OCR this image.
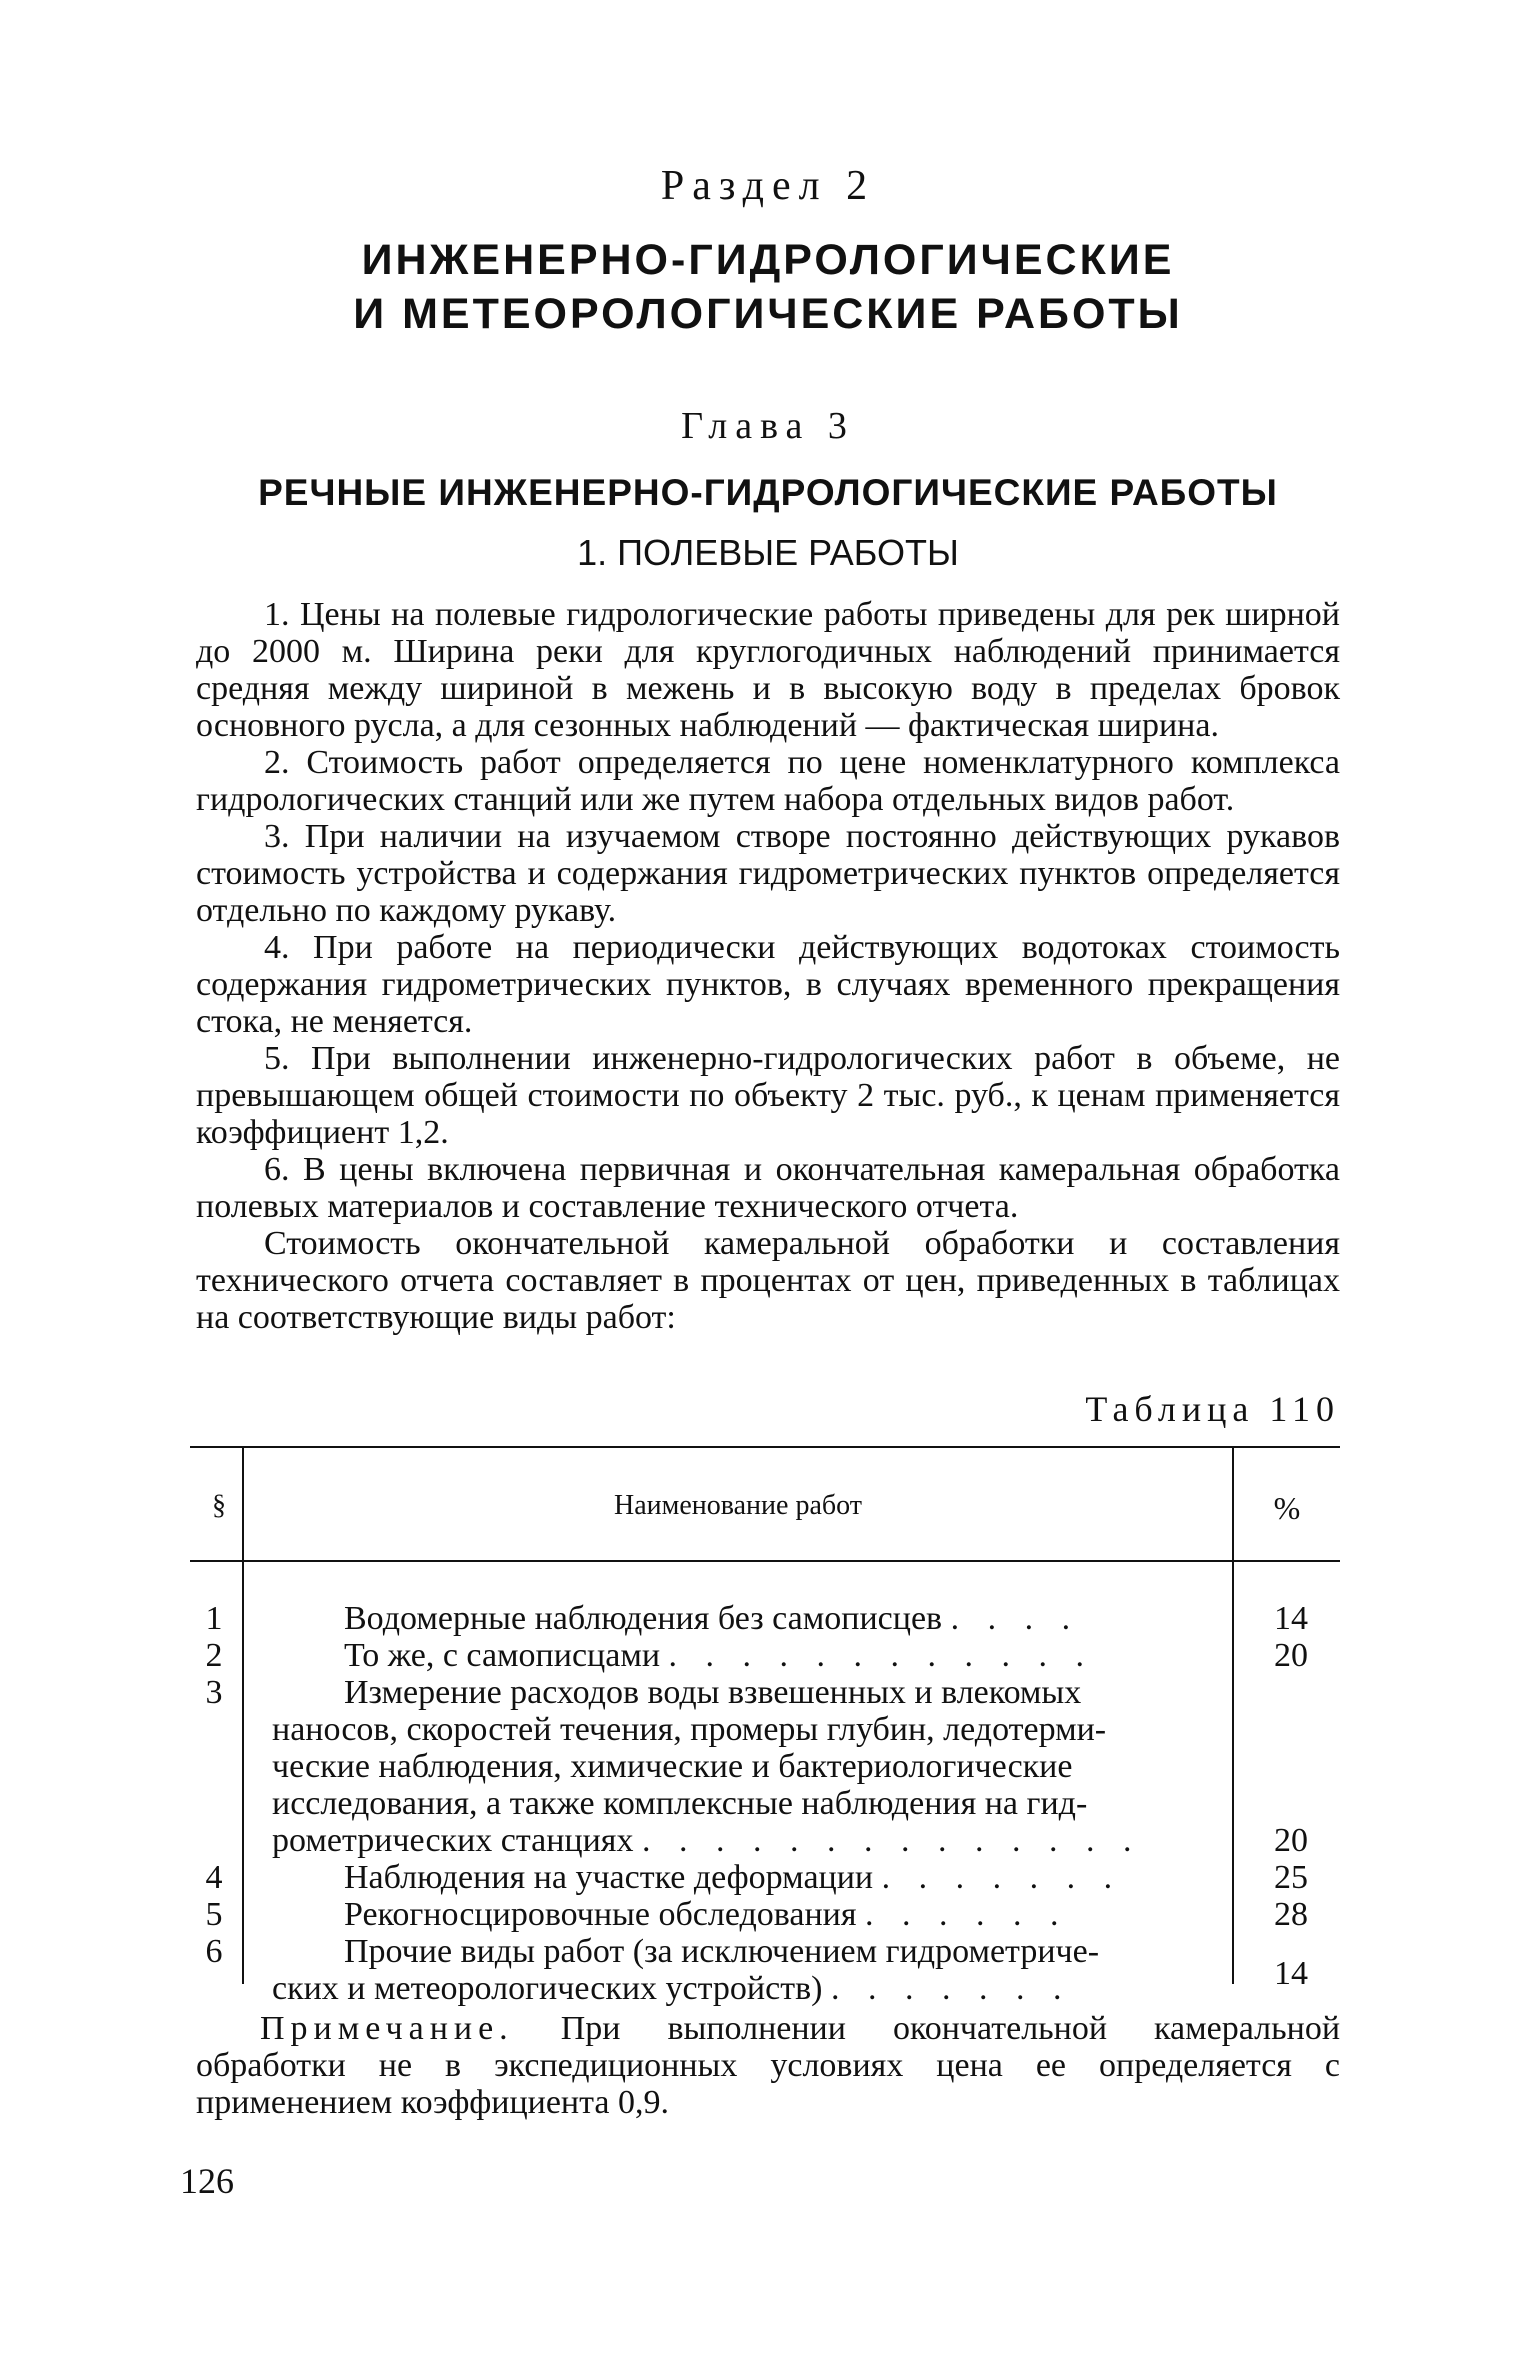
Раздел 2
ИНЖЕНЕРНО-ГИДРОЛОГИЧЕСКИЕ
И МЕТЕОРОЛОГИЧЕСКИЕ РАБОТЫ
Глава 3
РЕЧНЫЕ ИНЖЕНЕРНО-ГИДРОЛОГИЧЕСКИЕ РАБОТЫ
1. ПОЛЕВЫЕ РАБОТЫ

1. Цены на полевые гидрологические работы приведены для рек ширной до 2000 м. Ширина реки для круглогодичных наблюдений принимается средняя между шириной в межень и в высокую воду в пределах бровок основного русла, а для сезонных наблюдений — фактическая ширина.

2. Стоимость работ определяется по цене номенклатурного комплекса гидрологических станций или же путем набора отдельных видов работ.

3. При наличии на изучаемом створе постоянно действующих рукавов стоимость устройства и содержания гидрометрических пунктов определяется отдельно по каждому рукаву.

4. При работе на периодически действующих водотоках стоимость содержания гидрометрических пунктов, в случаях временного прекращения стока, не меняется.

5. При выполнении инженерно-гидрологических работ в объеме, не превышающем общей стоимости по объекту 2 тыс. руб., к ценам применяется коэффициент 1,2.

6. В цены включена первичная и окончательная камеральная обработка полевых материалов и составление технического отчета.

Стоимость окончательной камеральной обработки и составления технического отчета составляет в процентах от цен, приведенных в таблицах на соответствующие виды работ:

Таблица 110
§	Наименование работ	%
1	Водомерные наблюдения без самописцев . . . .	14
2	То же, с самописцами . . . . . . . . . . . .	20
3	Измерение расходов воды взвешенных и влекомых
наносов, скоростей течения, промеры глубин, ледотерми-
ческие наблюдения, химические и бактериологические
исследования, а также комплексные наблюдения на гид-
рометрических станциях . . . . . . . . . . . . . .	20
4	Наблюдения на участке деформации . . . . . . .	25
5	Рекогносцировочные обследования . . . . . .	28
6	Прочие виды работ (за исключением гидрометриче-
ских и метеорологических устройств) . . . . . . .	14
Примечание. При выполнении окончательной камеральной обработки не в экспедиционных условиях цена ее определяется с применением коэффициента 0,9.
126
